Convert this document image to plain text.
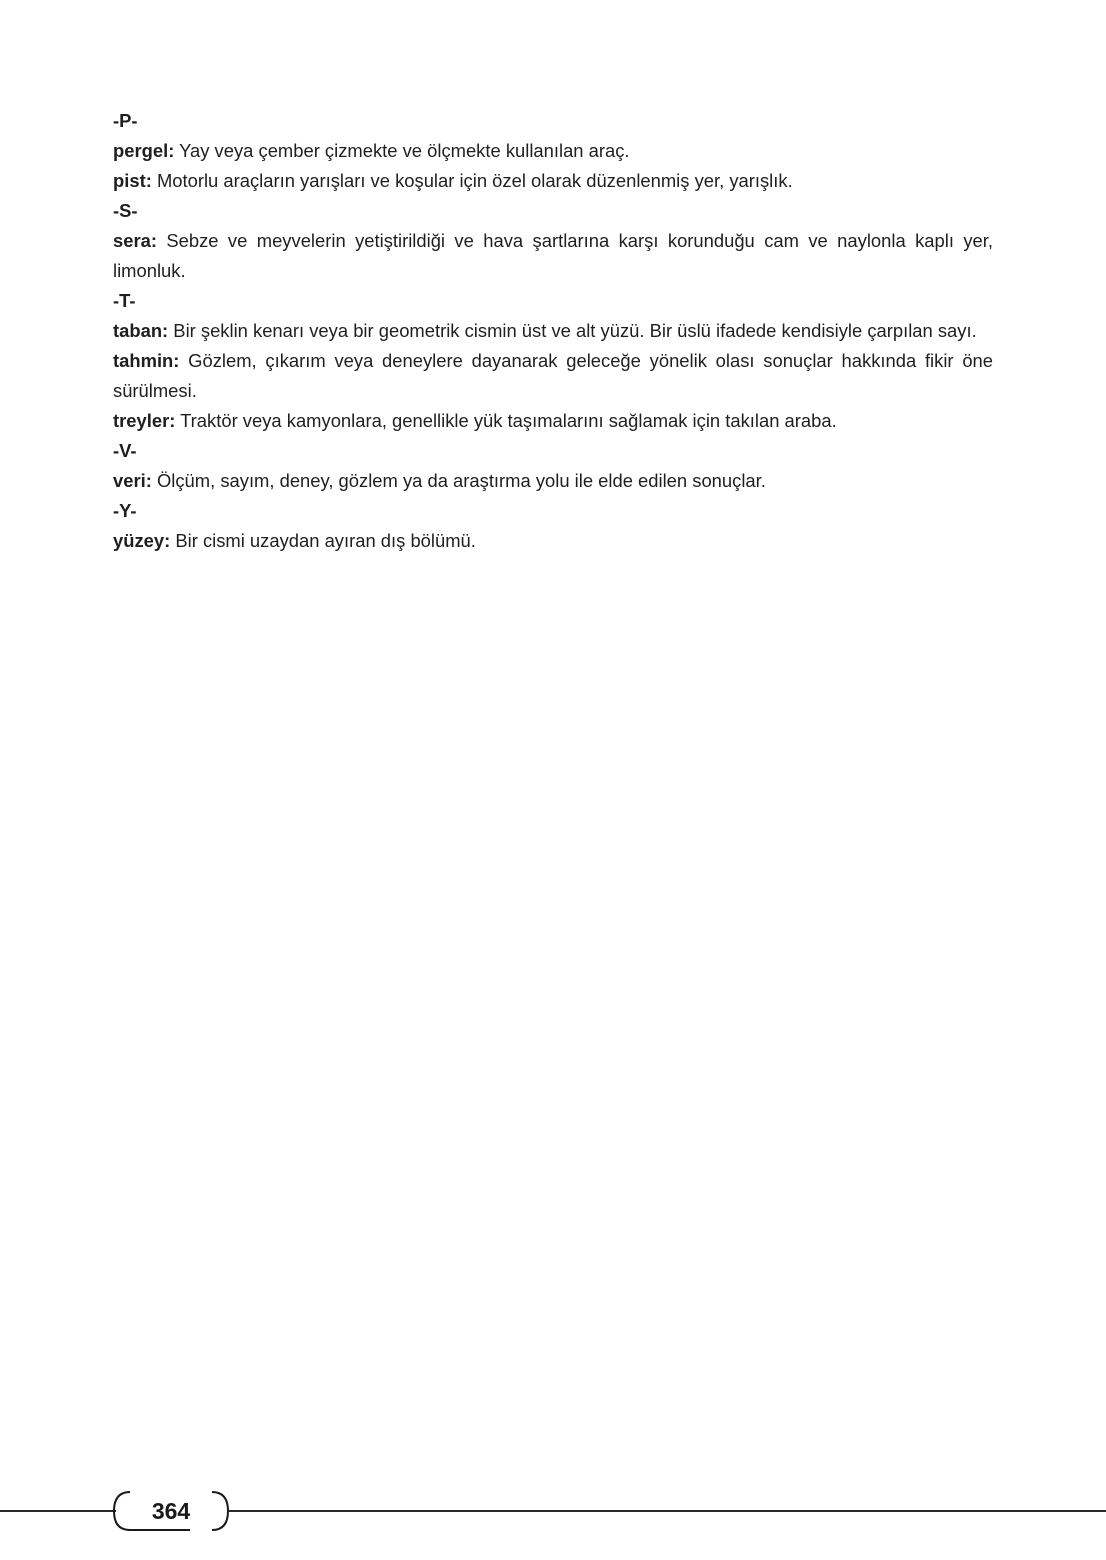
-P-

pergel: Yay veya çember çizmekte ve ölçmekte kullanılan araç.

pist: Motorlu araçların yarışları ve koşular için özel olarak düzenlenmiş yer, yarışlık.

-S-

sera: Sebze ve meyvelerin yetiştirildiği ve hava şartlarına karşı korunduğu cam ve naylonla kaplı yer, limonluk.

-T-

taban: Bir şeklin kenarı veya bir geometrik cismin üst ve alt yüzü. Bir üslü ifadede kendisiyle çarpılan sayı.

tahmin: Gözlem, çıkarım veya deneylere dayanarak geleceğe yönelik olası sonuçlar hakkında fikir öne sürülmesi.

treyler: Traktör veya kamyonlara, genellikle yük taşımalarını sağlamak için takılan araba.

-V-

veri: Ölçüm, sayım, deney, gözlem ya da araştırma yolu ile elde edilen sonuçlar.

-Y-

yüzey: Bir cismi uzaydan ayıran dış bölümü.

364
